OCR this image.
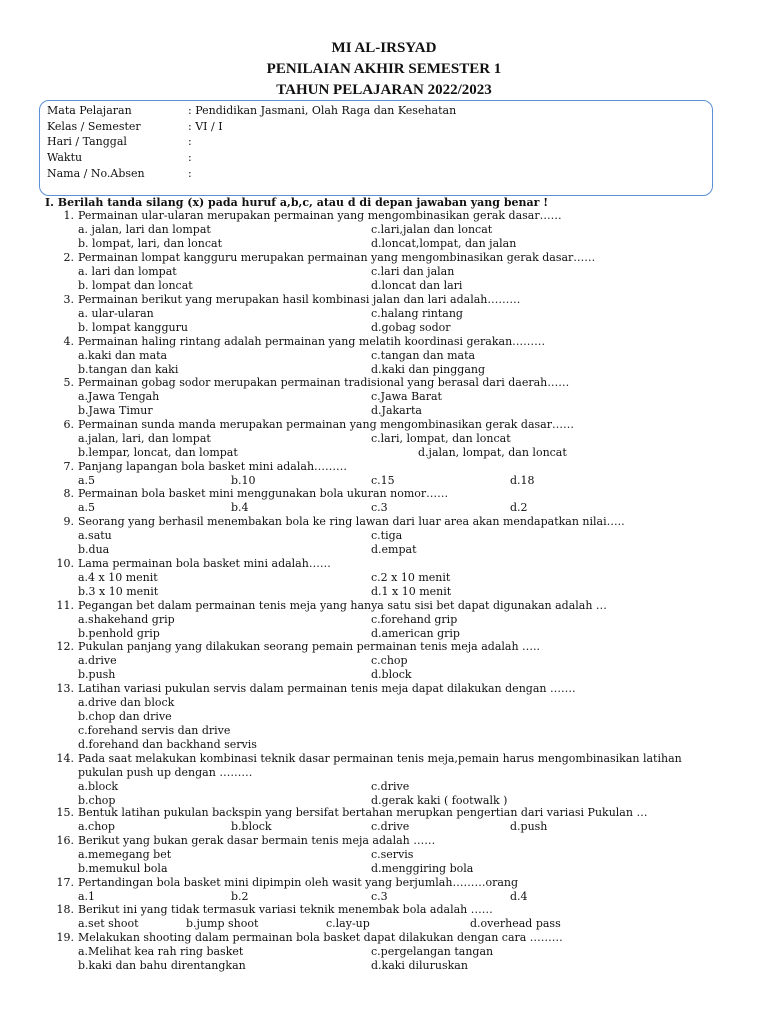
MI AL-IRSYAD
PENILAIAN AKHIR SEMESTER 1
TAHUN PELAJARAN 2022/2023
Mata Pelajaran	: Pendidikan Jasmani, Olah Raga dan Kesehatan
Kelas / Semester	: VI / I
Hari / Tanggal	:
Waktu	:
Nama / No.Absen	:
I. Berilah tanda silang (x) pada huruf a,b,c, atau d di depan jawaban yang benar !
1. Permainan ular-ularan merupakan permainan yang mengombinasikan gerak dasar……
a. jalan, lari dan lompat	c.lari,jalan dan loncat
b. lompat, lari, dan loncat	d.loncat,lompat, dan jalan
2. Permainan lompat kangguru merupakan permainan yang mengombinasikan gerak dasar……
a. lari dan lompat	c.lari dan jalan
b. lompat dan loncat	d.loncat dan lari
3. Permainan berikut yang merupakan hasil kombinasi jalan dan lari adalah………
a. ular-ularan	c.halang rintang
b. lompat kangguru	d.gobag sodor
4. Permainan haling rintang adalah permainan yang melatih koordinasi gerakan………
a.kaki dan mata	c.tangan dan mata
b.tangan dan kaki	d.kaki dan pinggang
5. Permainan gobag sodor merupakan permainan tradisional yang berasal dari daerah……
a.Jawa Tengah	c.Jawa Barat
b.Jawa Timur	d.Jakarta
6. Permainan sunda manda merupakan permainan yang mengombinasikan gerak dasar……
a.jalan, lari, dan lompat	c.lari, lompat, dan loncat
b.lempar, loncat, dan lompat	d.jalan, lompat, dan loncat
7. Panjang lapangan bola basket mini adalah………
a.5	b.10	c.15	d.18
8. Permainan bola basket mini menggunakan bola ukuran nomor……
a.5	b.4	c.3	d.2
9. Seorang yang berhasil menembakan bola ke ring lawan dari luar area akan mendapatkan nilai…..
a.satu	c.tiga
b.dua	d.empat
10. Lama permainan bola basket mini adalah……
a.4 x 10 menit	c.2 x 10 menit
b.3 x 10 menit	d.1 x 10 menit
11. Pegangan bet dalam permainan tenis meja yang hanya satu sisi bet dapat digunakan adalah …
a.shakehand grip	c.forehand grip
b.penhold grip	d.american grip
12. Pukulan panjang yang dilakukan seorang pemain permainan tenis meja adalah …..
a.drive	c.chop
b.push	d.block
13. Latihan variasi pukulan servis dalam permainan tenis meja dapat dilakukan dengan …….
a.drive dan block
b.chop dan drive
c.forehand servis dan drive
d.forehand dan backhand servis
14. Pada saat melakukan kombinasi teknik dasar permainan tenis meja,pemain harus mengombinasikan latihan
pukulan push up dengan ………
a.block	c.drive
b.chop	d.gerak kaki ( footwalk )
15. Bentuk latihan pukulan backspin yang bersifat bertahan merupkan pengertian dari variasi Pukulan …
a.chop	b.block	c.drive	d.push
16. Berikut yang bukan gerak dasar bermain tenis meja adalah ……
a.memegang bet	c.servis
b.memukul bola	d.menggiring bola
17. Pertandingan bola basket mini dipimpin oleh wasit yang berjumlah………orang
a.1	b.2	c.3	d.4
18. Berikut ini yang tidak termasuk variasi teknik menembak bola adalah ……
a.set shoot	b.jump shoot	c.lay-up	d.overhead pass
19. Melakukan shooting dalam permainan bola basket dapat dilakukan dengan cara ………
a.Melihat kea rah ring basket	c.pergelangan tangan
b.kaki dan bahu direntangkan	d.kaki diluruskan
